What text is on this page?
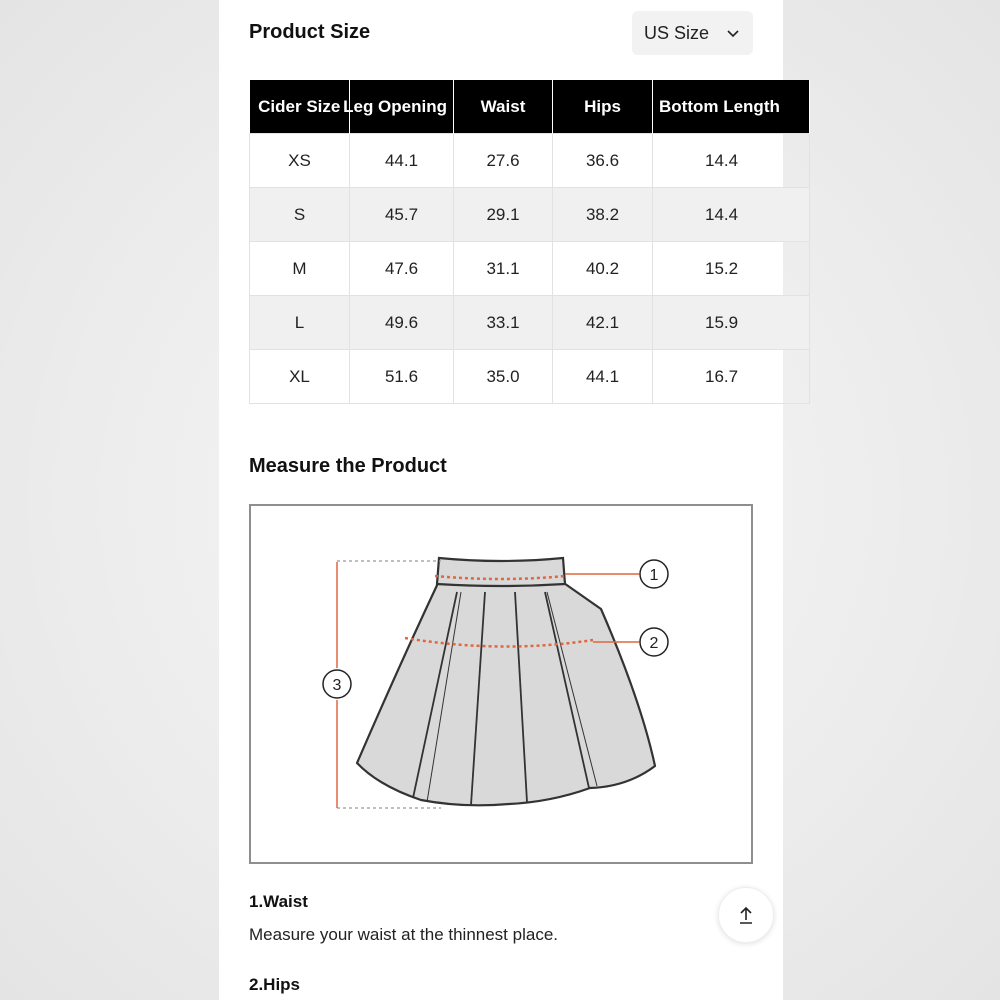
Product Size	US Size
Cider Size	Leg Opening	Waist	Hips	Bottom Length
XS	44.1	27.6	36.6	14.4
S	45.7	29.1	38.2	14.4
M	47.6	31.1	40.2	15.2
L	49.6	33.1	42.1	15.9
XL	51.6	35.0	44.1	16.7
Measure the Product
1
2
3

1.Waist

Measure your waist at the thinnest place.

2.Hips
